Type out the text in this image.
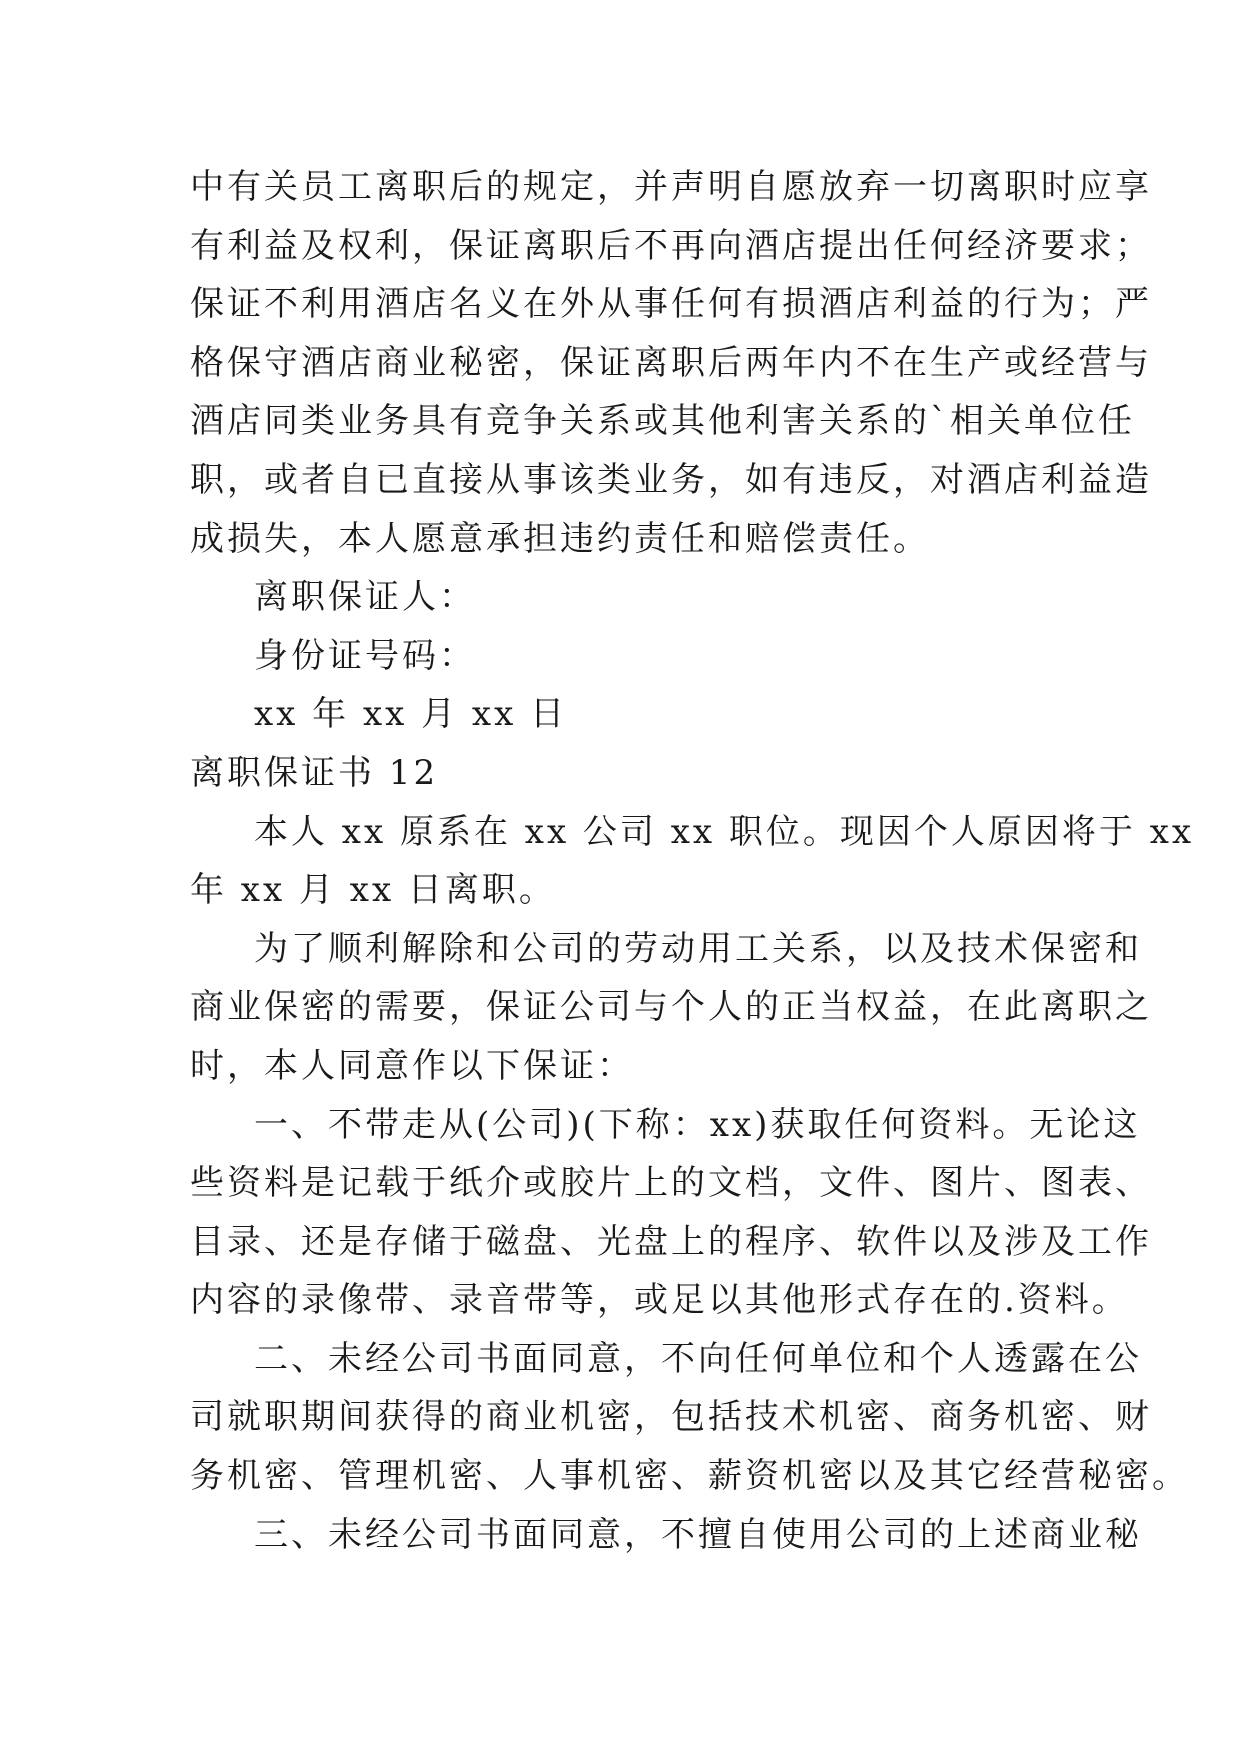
中有关员工离职后的规定，并声明自愿放弃一切离职时应享
有利益及权利，保证离职后不再向酒店提出任何经济要求；
保证不利用酒店名义在外从事任何有损酒店利益的行为；严
格保守酒店商业秘密，保证离职后两年内不在生产或经营与
酒店同类业务具有竞争关系或其他利害关系的`相关单位任
职，或者自已直接从事该类业务，如有违反，对酒店利益造
成损失，本人愿意承担违约责任和赔偿责任。
离职保证人：
身份证号码：
xx 年 xx 月 xx 日
离职保证书 12
本人 xx 原系在 xx 公司 xx 职位。现因个人原因将于 xx
年 xx 月 xx 日离职。
为了顺利解除和公司的劳动用工关系，以及技术保密和
商业保密的需要，保证公司与个人的正当权益，在此离职之
时，本人同意作以下保证：
一、不带走从(公司)(下称：xx)获取任何资料。无论这
些资料是记载于纸介或胶片上的文档，文件、图片、图表、
目录、还是存储于磁盘、光盘上的程序、软件以及涉及工作
内容的录像带、录音带等，或足以其他形式存在的.资料。
二、未经公司书面同意，不向任何单位和个人透露在公
司就职期间获得的商业机密，包括技术机密、商务机密、财
务机密、管理机密、人事机密、薪资机密以及其它经营秘密。
三、未经公司书面同意，不擅自使用公司的上述商业秘
